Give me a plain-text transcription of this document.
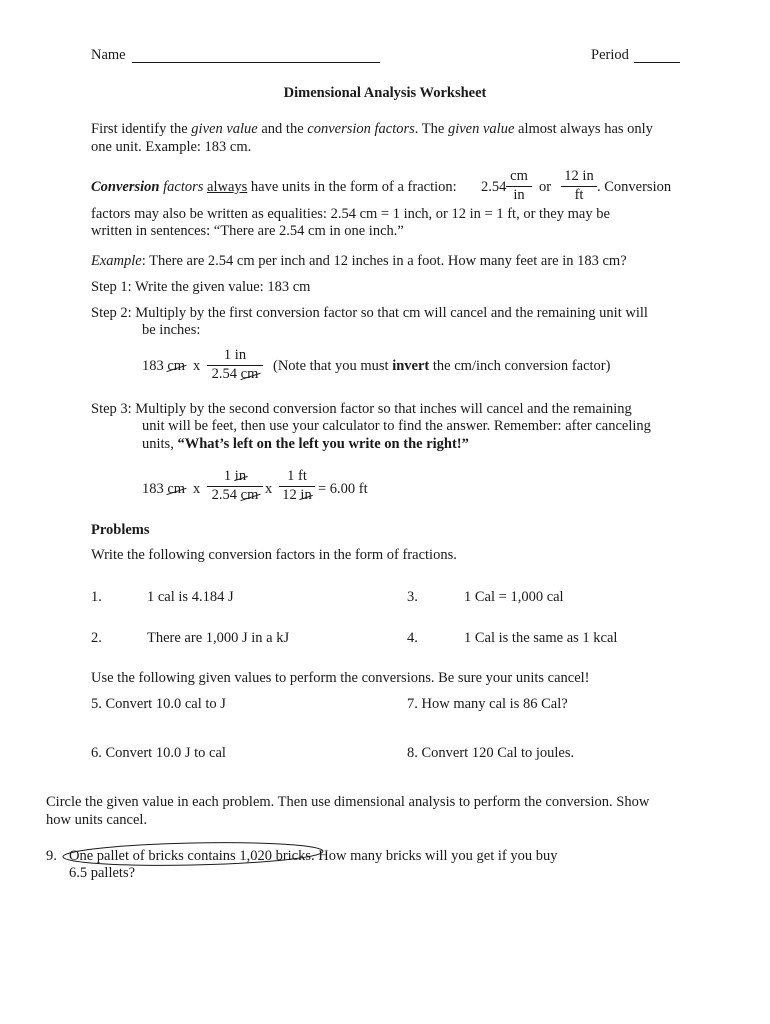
Name	Period
Dimensional Analysis Worksheet
First identify the given value and the conversion factors. The given value almost always has only
one unit. Example: 183 cm.
Conversion factors always have units in the form of a fraction: 2.54
cm
in or
12 in
ft . Conversion
factors may also be written as equalities: 2.54 cm = 1 inch, or 12 in = 1 ft, or they may be
written in sentences: “There are 2.54 cm in one inch.”
Example: There are 2.54 cm per inch and 12 inches in a foot. How many feet are in 183 cm?
Step 1: Write the given value: 183 cm
Step 2: Multiply by the first conversion factor so that cm will cancel and the remaining unit will
be inches:
183 cm x
1 in
2.54 cm	(Note that you must invert the cm/inch conversion factor)
Step 3: Multiply by the second conversion factor so that inches will cancel and the remaining
unit will be feet, then use your calculator to find the answer. Remember: after canceling
units, “What’s left on the left you write on the right!”
183 cm x
1 in
2.54 cm x
1 ft
12 in = 6.00 ft
Problems
Write the following conversion factors in the form of fractions.
1.	1 cal is 4.184 J
2.	There are 1,000 J in a kJ
3.	1 Cal = 1,000 cal
4.	1 Cal is the same as 1 kcal
Use the following given values to perform the conversions. Be sure your units cancel!
5. Convert 10.0 cal to J
6. Convert 10.0 J to cal
7. How many cal is 86 Cal?
8. Convert 120 Cal to joules.
Circle the given value in each problem. Then use dimensional analysis to perform the conversion. Show
how units cancel.
9. One pallet of bricks contains 1,020 bricks. How many bricks will you get if you buy
6.5 pallets?
